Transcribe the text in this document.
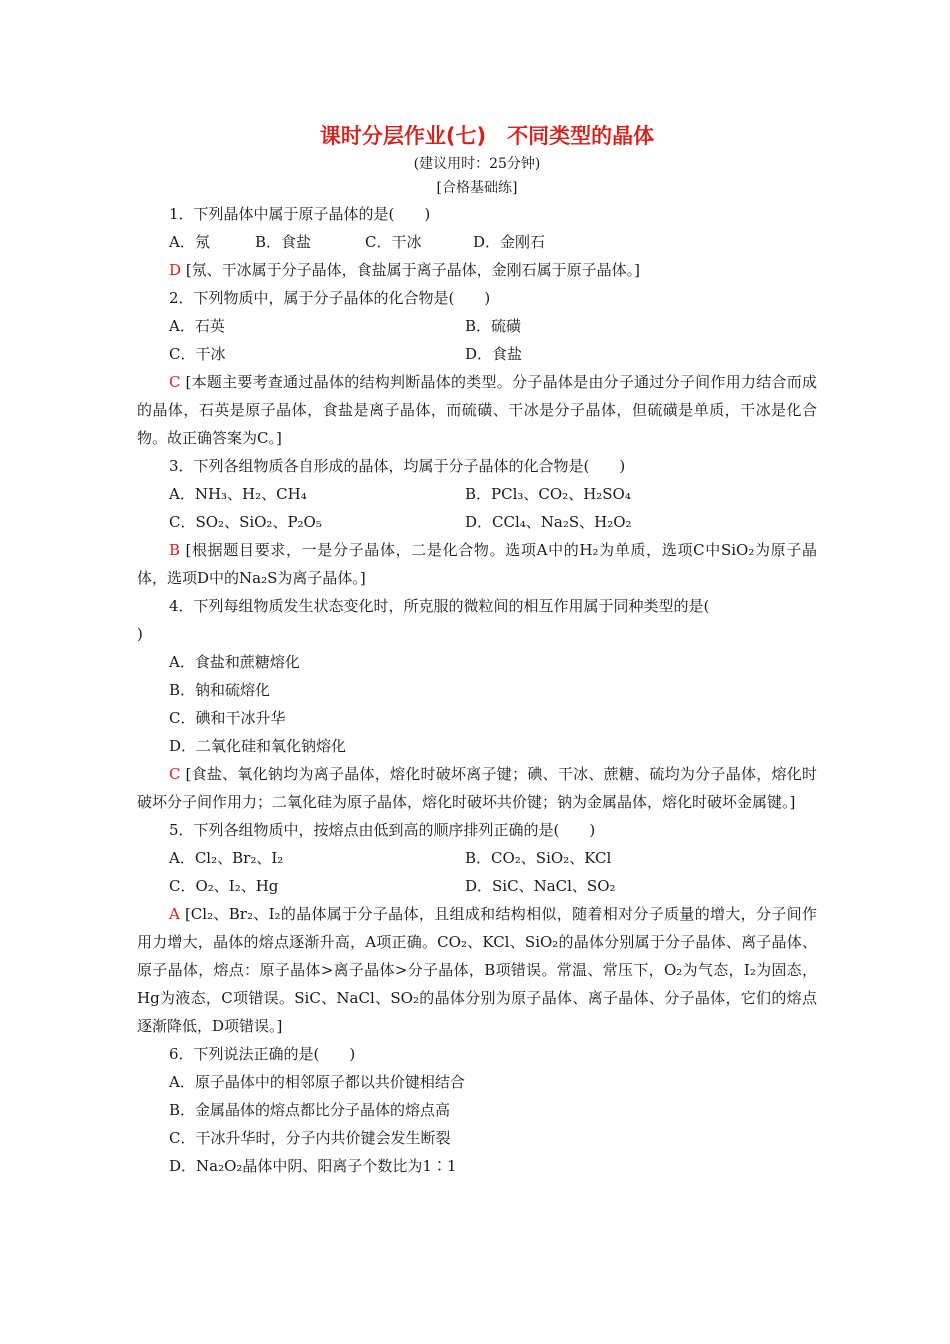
课时分层作业(七)　不同类型的晶体
(建议用时：25分钟)
[合格基础练]
1．下列晶体中属于原子晶体的是(　　)
A．氖	B．食盐	C．干冰	D．金刚石
D [氖、干冰属于分子晶体，食盐属于离子晶体，金刚石属于原子晶体。]
2．下列物质中，属于分子晶体的化合物是(　　)
A．石英	B．硫磺
C．干冰	D．食盐
C [本题主要考查通过晶体的结构判断晶体的类型。分子晶体是由分子通过分子间作用力结合而成的晶体，石英是原子晶体，食盐是离子晶体，而硫磺、干冰是分子晶体，但硫磺是单质，干冰是化合物。故正确答案为C。]
3．下列各组物质各自形成的晶体，均属于分子晶体的化合物是(　　)
A．NH₃、H₂、CH₄	B．PCl₃、CO₂、H₂SO₄
C．SO₂、SiO₂、P₂O₅	D．CCl₄、Na₂S、H₂O₂
B [根据题目要求，一是分子晶体，二是化合物。选项A中的H₂为单质，选项C中SiO₂为原子晶体，选项D中的Na₂S为离子晶体。]
4．下列每组物质发生状态变化时，所克服的微粒间的相互作用属于同种类型的是(
)
A．食盐和蔗糖熔化
B．钠和硫熔化
C．碘和干冰升华
D．二氧化硅和氧化钠熔化
C [食盐、氧化钠均为离子晶体，熔化时破坏离子键；碘、干冰、蔗糖、硫均为分子晶体，熔化时破坏分子间作用力；二氧化硅为原子晶体，熔化时破坏共价键；钠为金属晶体，熔化时破坏金属键。]
5．下列各组物质中，按熔点由低到高的顺序排列正确的是(　　)
A．Cl₂、Br₂、I₂	B．CO₂、SiO₂、KCl
C．O₂、I₂、Hg	D．SiC、NaCl、SO₂
A [Cl₂、Br₂、I₂的晶体属于分子晶体，且组成和结构相似，随着相对分子质量的增大，分子间作用力增大，晶体的熔点逐渐升高，A项正确。CO₂、KCl、SiO₂的晶体分别属于分子晶体、离子晶体、原子晶体，熔点：原子晶体>离子晶体>分子晶体，B项错误。常温、常压下，O₂为气态，I₂为固态，Hg为液态，C项错误。SiC、NaCl、SO₂的晶体分别为原子晶体、离子晶体、分子晶体，它们的熔点逐渐降低，D项错误。]
6．下列说法正确的是(　　)
A．原子晶体中的相邻原子都以共价键相结合
B．金属晶体的熔点都比分子晶体的熔点高
C．干冰升华时，分子内共价键会发生断裂
D．Na₂O₂晶体中阴、阳离子个数比为1∶1
